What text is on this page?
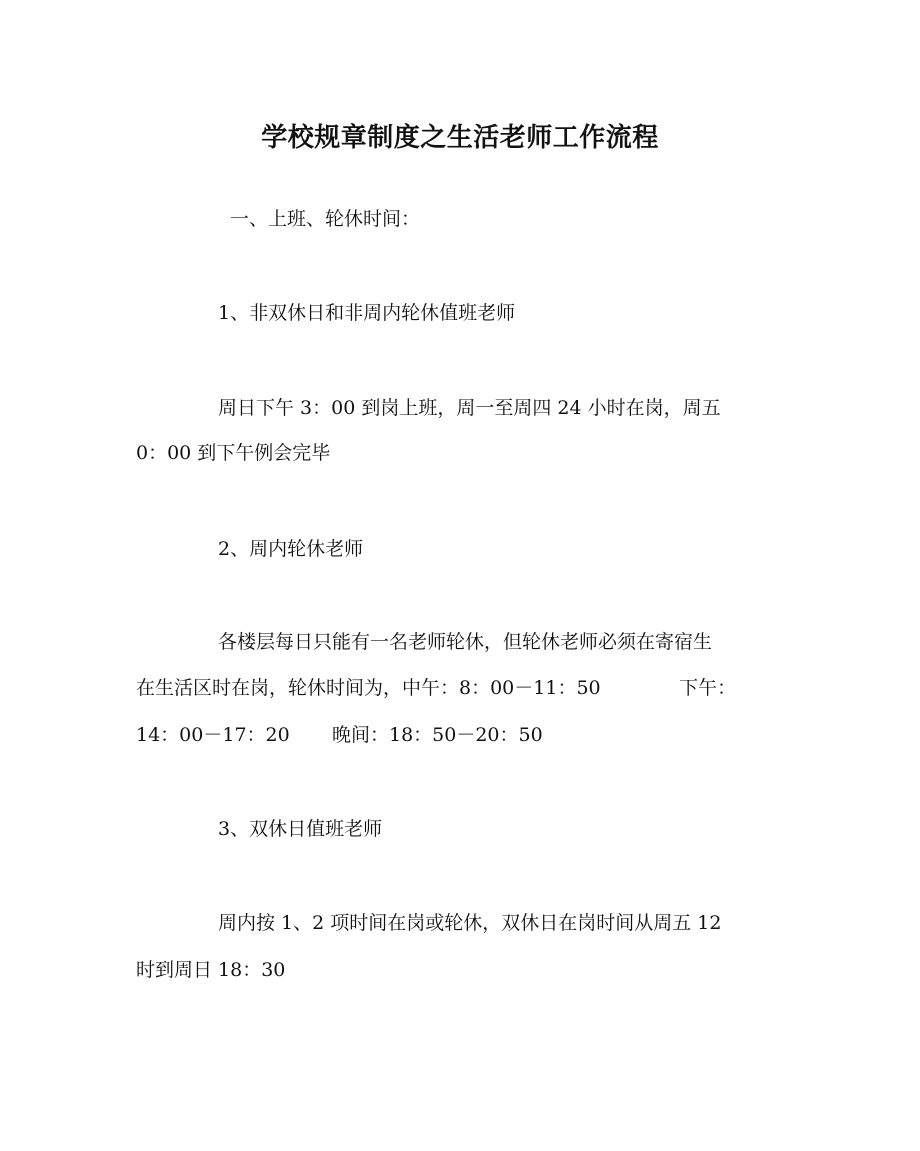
学校规章制度之生活老师工作流程
一、上班、轮休时间：
1、非双休日和非周内轮休值班老师
周日下午 3：00 到岗上班，周一至周四 24 小时在岗，周五
0：00 到下午例会完毕
2、周内轮休老师
各楼层每日只能有一名老师轮休，但轮休老师必须在寄宿生
在生活区时在岗，轮休时间为，中午：8：00－11：50             下午：
14：00－17：20       晚间：18：50－20：50
3、双休日值班老师
周内按 1、2 项时间在岗或轮休，双休日在岗时间从周五 12
时到周日 18：30
